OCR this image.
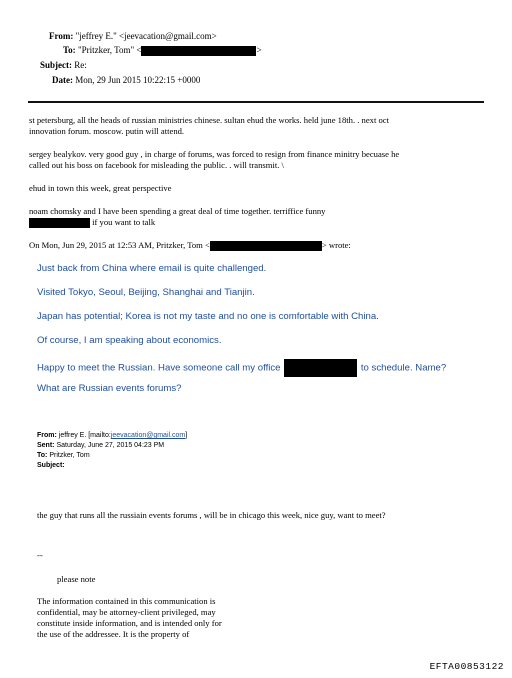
From: "jeffrey E." <jeevacation@gmail.com>
To: "Pritzker, Tom" <	>
Subject: Re:
Date: Mon, 29 Jun 2015 10:22:15 +0000
st petersburg, all the heads of russian ministries chinese. sultan ehud the works. held june 18th. . next oct
innovation forum. moscow. putin will attend.
sergey bealykov. very good guy , in charge of forums, was forced to resign from finance minitry becuase he
called out his boss on facebook for misleading the public. . will transmit. \
ehud in town this week, great perspective
noam chomsky and I have been spending a great deal of time together. terriffice funny
if you want to talk
On Mon, Jun 29, 2015 at 12:53 AM, Pritzker, Tom <	> wrote:
Just back from China where email is quite challenged.
Visited Tokyo, Seoul, Beijing, Shanghai and Tianjin.
Japan has potential; Korea is not my taste and no one is comfortable with China.
Of course, I am speaking about economics.
Happy to meet the Russian. Have someone call my office	to schedule. Name?
What are Russian events forums?
From: jeffrey E. [mailto:jeevacation@gmail.com]
Sent: Saturday, June 27, 2015 04:23 PM
To: Pritzker, Tom
Subject:
the guy that runs all the russiain events forums , will be in chicago this week, nice guy, want to meet?
--
please note
The information contained in this communication is
confidential, may be attorney-client privileged, may
constitute inside information, and is intended only for
the use of the addressee. It is the property of
EFTA00853122
